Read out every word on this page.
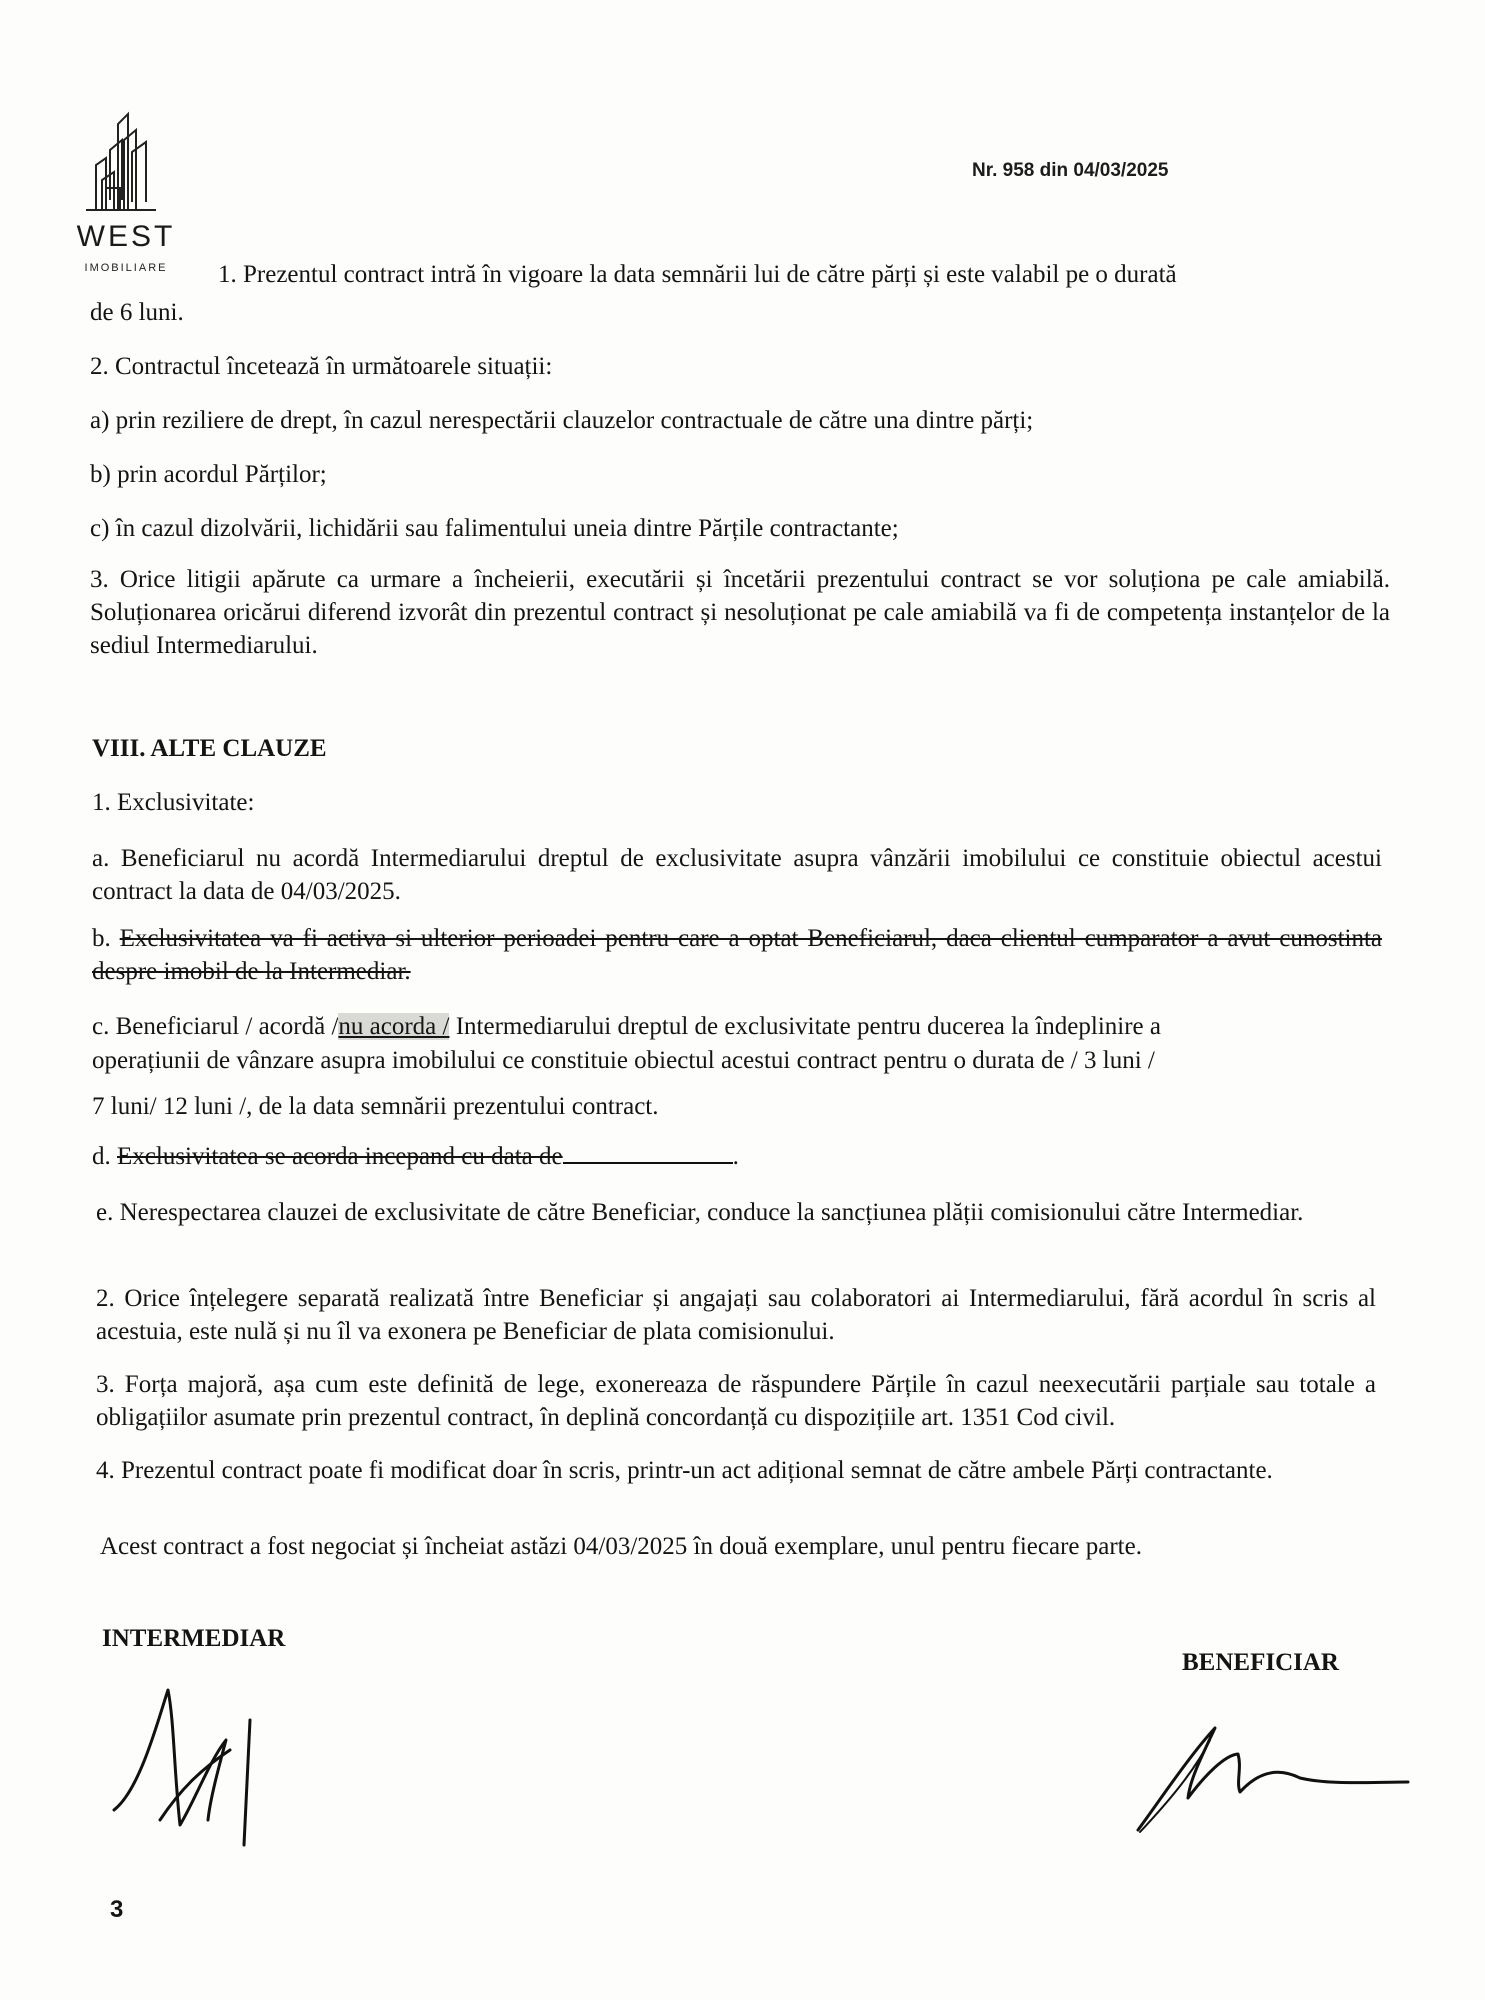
WEST
IMOBILIARE
Nr. 958 din 04/03/2025
1. Prezentul contract intră în vigoare la data semnării lui de către părți și este valabil pe o durată
de 6 luni.
2. Contractul încetează în următoarele situații:
a) prin reziliere de drept, în cazul nerespectării clauzelor contractuale de către una dintre părți;
b) prin acordul Părților;
c) în cazul dizolvării, lichidării sau falimentului uneia dintre Părțile contractante;
3. Orice litigii apărute ca urmare a încheierii, executării și încetării prezentului contract se vor soluționa pe cale amiabilă. Soluționarea oricărui diferend izvorât din prezentul contract și nesoluționat pe cale amiabilă va fi de competența instanțelor de la sediul Intermediarului.
VIII. ALTE CLAUZE
1. Exclusivitate:
a. Beneficiarul nu acordă Intermediarului dreptul de exclusivitate asupra vânzării imobilului ce constituie obiectul acestui contract la data de 04/03/2025.
b. Exclusivitatea va fi activa si ulterior perioadei pentru care a optat Beneficiarul, daca clientul cumparator a avut cunostinta despre imobil de la Intermediar.
c. Beneficiarul / acordă /nu acorda / Intermediarului dreptul de exclusivitate pentru ducerea la îndeplinire a
operațiunii de vânzare asupra imobilului ce constituie obiectul acestui contract pentru o durata de / 3 luni /
7 luni/ 12 luni /, de la data semnării prezentului contract.
d. Exclusivitatea se acorda incepand cu data de	.
e. Nerespectarea clauzei de exclusivitate de către Beneficiar, conduce la sancțiunea plății comisionului către Intermediar.
2. Orice înțelegere separată realizată între Beneficiar și angajați sau colaboratori ai Intermediarului, fără acordul în scris al acestuia, este nulă și nu îl va exonera pe Beneficiar de plata comisionului.
3. Forța majoră, așa cum este definită de lege, exonereaza de răspundere Părțile în cazul neexecutării parțiale sau totale a obligațiilor asumate prin prezentul contract, în deplină concordanță cu dispozițiile art. 1351 Cod civil.
4. Prezentul contract poate fi modificat doar în scris, printr-un act adițional semnat de către ambele Părți contractante.
Acest contract a fost negociat și încheiat astăzi 04/03/2025 în două exemplare, unul pentru fiecare parte.
INTERMEDIAR
BENEFICIAR
3
